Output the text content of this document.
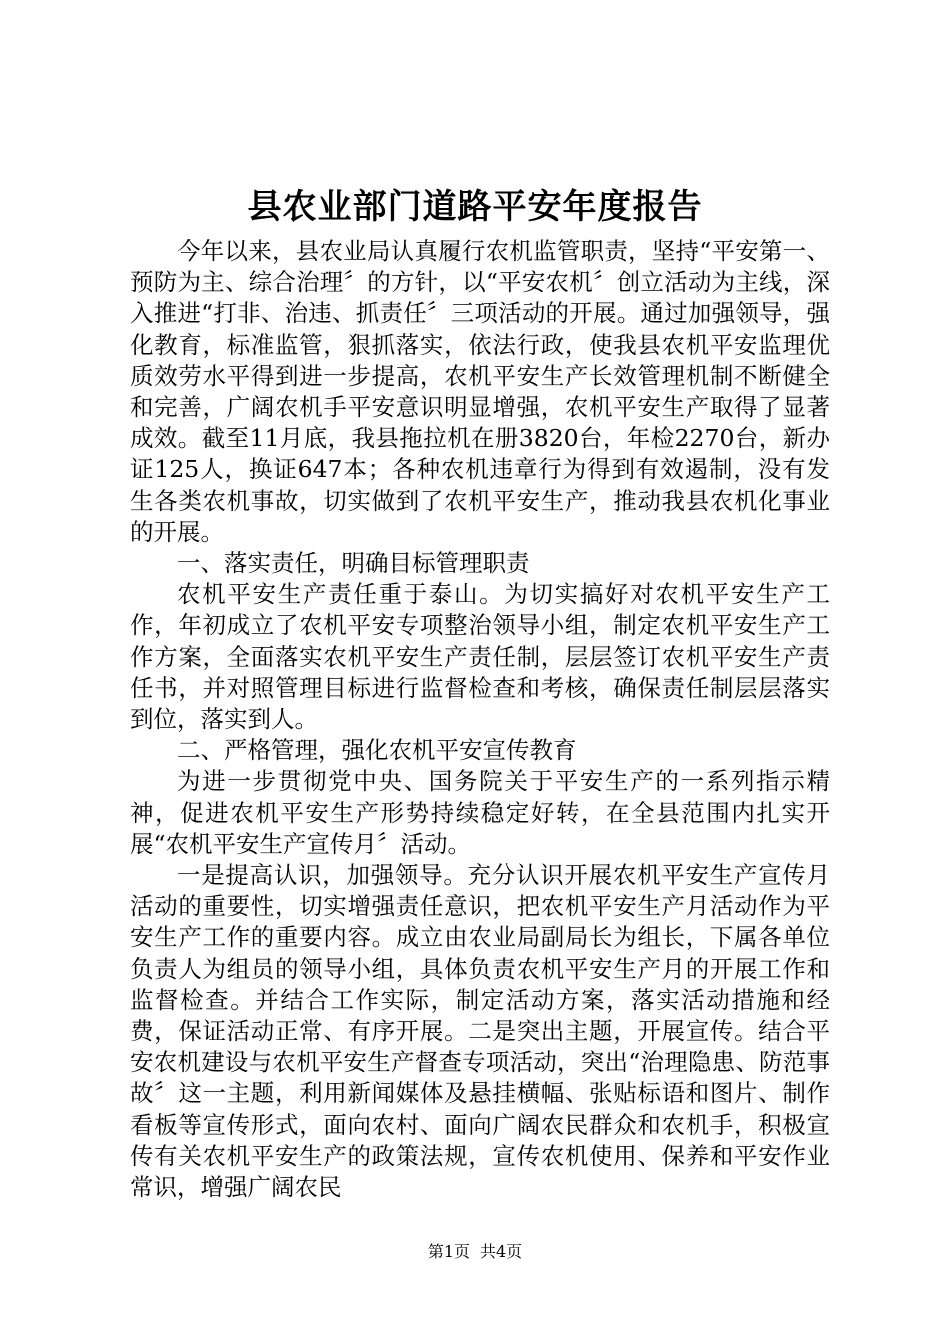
县农业部门道路平安年度报告

今年以来，县农业局认真履行农机监管职责，坚持“平安第一、预防为主、综合治理〞的方针，以“平安农机〞创立活动为主线，深入推进“打非、治违、抓责任〞三项活动的开展。通过加强领导，强化教育，标准监管，狠抓落实，依法行政，使我县农机平安监理优质效劳水平得到进一步提高，农机平安生产长效管理机制不断健全和完善，广阔农机手平安意识明显增强，农机平安生产取得了显著成效。截至11月底，我县拖拉机在册3820台，年检2270台，新办证125人，换证647本；各种农机违章行为得到有效遏制，没有发生各类农机事故，切实做到了农机平安生产，推动我县农机化事业的开展。

一、落实责任，明确目标管理职责

农机平安生产责任重于泰山。为切实搞好对农机平安生产工作，年初成立了农机平安专项整治领导小组，制定农机平安生产工作方案，全面落实农机平安生产责任制，层层签订农机平安生产责任书，并对照管理目标进行监督检查和考核，确保责任制层层落实到位，落实到人。

二、严格管理，强化农机平安宣传教育

为进一步贯彻党中央、国务院关于平安生产的一系列指示精神，促进农机平安生产形势持续稳定好转，在全县范围内扎实开展“农机平安生产宣传月〞活动。

一是提高认识，加强领导。充分认识开展农机平安生产宣传月活动的重要性，切实增强责任意识，把农机平安生产月活动作为平安生产工作的重要内容。成立由农业局副局长为组长，下属各单位负责人为组员的领导小组，具体负责农机平安生产月的开展工作和监督检查。并结合工作实际，制定活动方案，落实活动措施和经费，保证活动正常、有序开展。二是突出主题，开展宣传。结合平安农机建设与农机平安生产督查专项活动，突出“治理隐患、防范事故〞这一主题，利用新闻媒体及悬挂横幅、张贴标语和图片、制作看板等宣传形式，面向农村、面向广阔农民群众和农机手，积极宣传有关农机平安生产的政策法规，宣传农机使用、保养和平安作业常识，增强广阔农民

第1页 共4页
